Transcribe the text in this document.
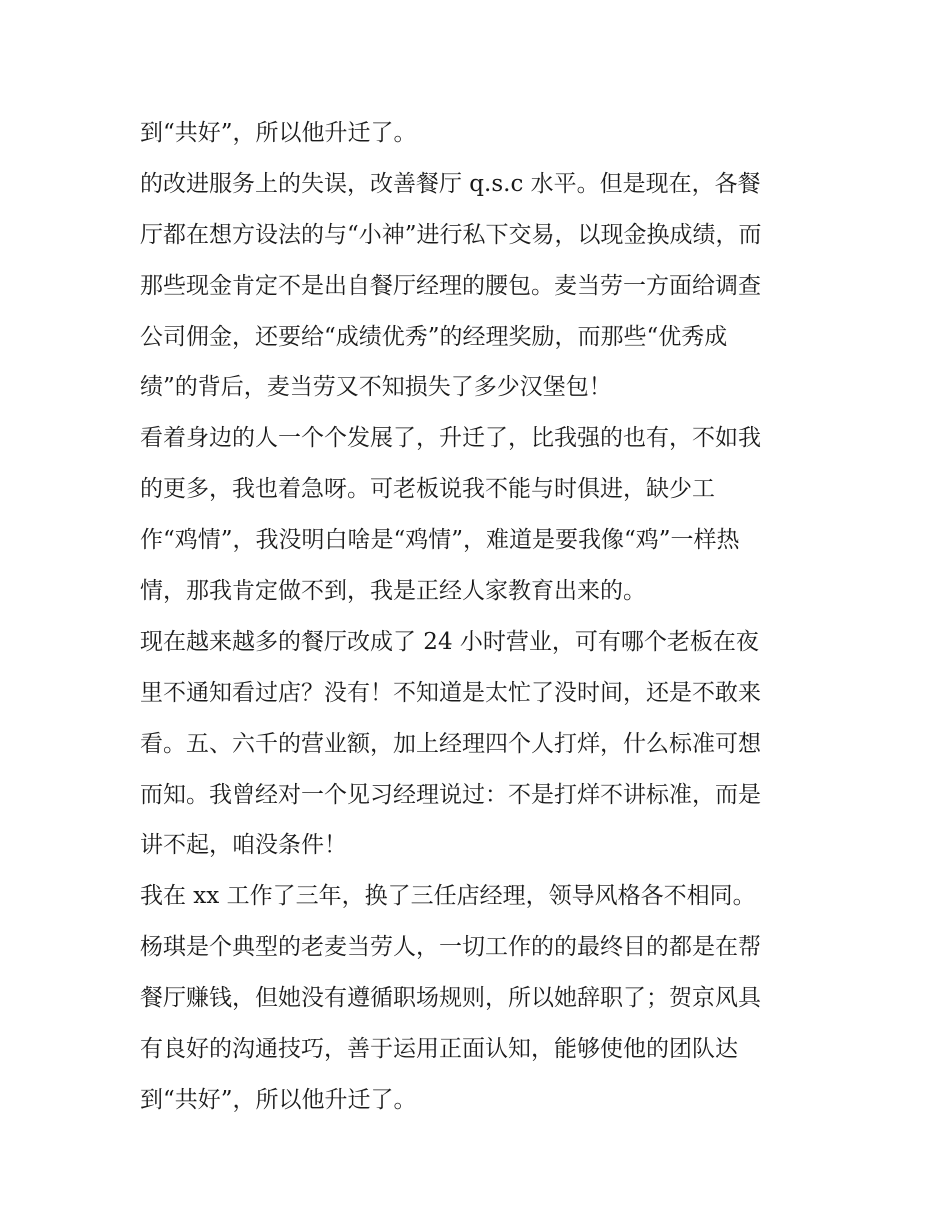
到“共好”，所以他升迁了。
的改进服务上的失误，改善餐厅 q.s.c 水平。但是现在，各餐
厅都在想方设法的与“小神”进行私下交易，以现金换成绩，而
那些现金肯定不是出自餐厅经理的腰包。麦当劳一方面给调查
公司佣金，还要给“成绩优秀”的经理奖励，而那些“优秀成
绩”的背后，麦当劳又不知损失了多少汉堡包！
看着身边的人一个个发展了，升迁了，比我强的也有，不如我
的更多，我也着急呀。可老板说我不能与时俱进，缺少工
作“鸡情”，我没明白啥是“鸡情”，难道是要我像“鸡”一样热
情，那我肯定做不到，我是正经人家教育出来的。
现在越来越多的餐厅改成了 24 小时营业，可有哪个老板在夜
里不通知看过店？没有！不知道是太忙了没时间，还是不敢来
看。五、六千的营业额，加上经理四个人打烊，什么标准可想
而知。我曾经对一个见习经理说过：不是打烊不讲标准，而是
讲不起，咱没条件！
我在 xx 工作了三年，换了三任店经理，领导风格各不相同。
杨琪是个典型的老麦当劳人，一切工作的的最终目的都是在帮
餐厅赚钱，但她没有遵循职场规则，所以她辞职了；贺京风具
有良好的沟通技巧，善于运用正面认知，能够使他的团队达
到“共好”，所以他升迁了。
